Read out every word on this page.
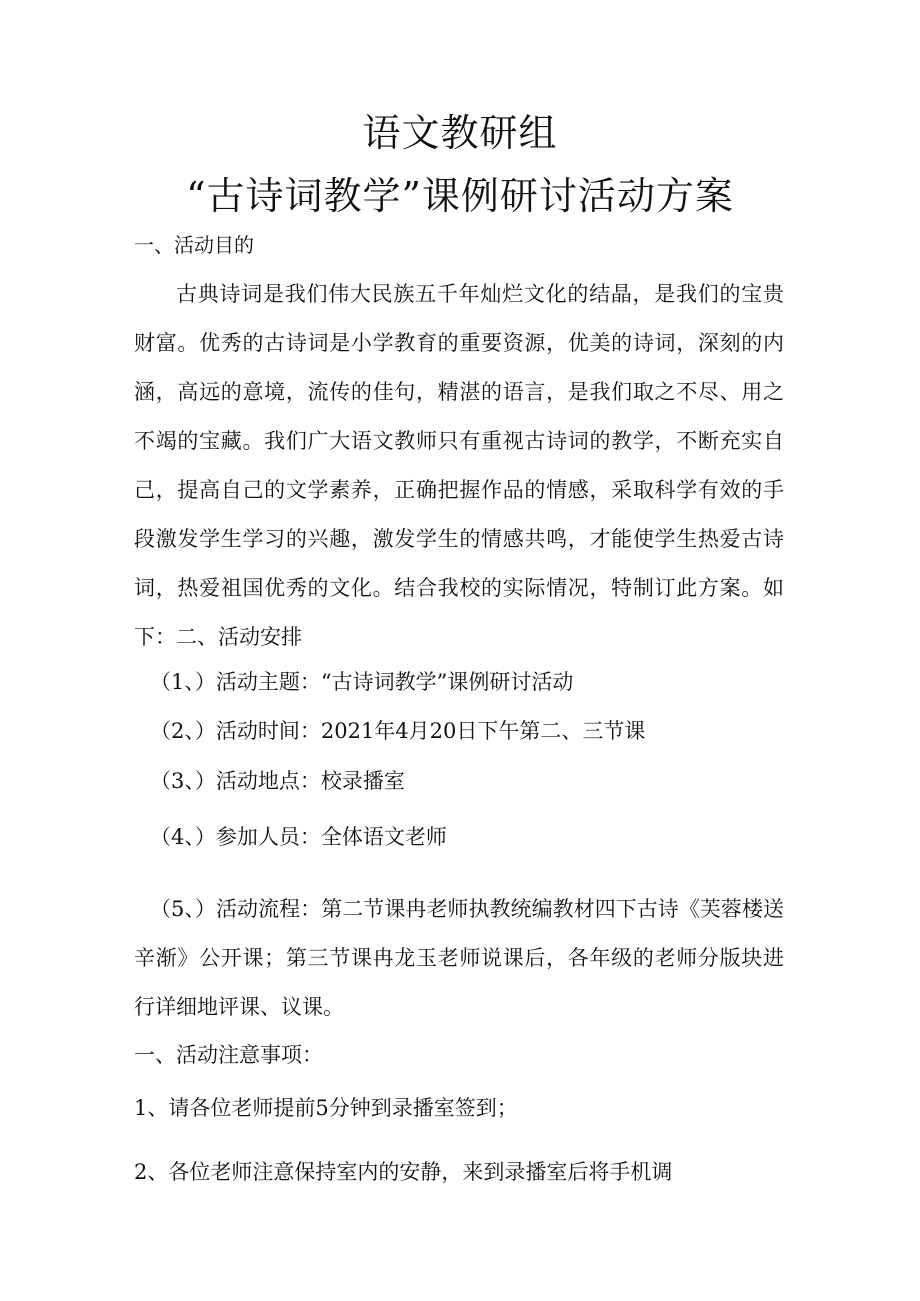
语文教研组
“古诗词教学”课例研讨活动方案
一、活动目的
古典诗词是我们伟大民族五千年灿烂文化的结晶，是我们的宝贵财富。优秀的古诗词是小学教育的重要资源，优美的诗词，深刻的内涵，高远的意境，流传的佳句，精湛的语言，是我们取之不尽、用之不竭的宝藏。我们广大语文教师只有重视古诗词的教学，不断充实自己，提高自己的文学素养，正确把握作品的情感，采取科学有效的手段激发学生学习的兴趣，激发学生的情感共鸣，才能使学生热爱古诗词，热爱祖国优秀的文化。结合我校的实际情况，特制订此方案。如下：二、活动安排
（1、）活动主题：“古诗词教学”课例研讨活动
（2、）活动时间：2021年4月20日下午第二、三节课
（3、）活动地点：校录播室
（4、）参加人员：全体语文老师
（5、）活动流程：第二节课冉老师执教统编教材四下古诗《芙蓉楼送辛渐》公开课；第三节课冉龙玉老师说课后，各年级的老师分版块进行详细地评课、议课。
一、活动注意事项：
1、请各位老师提前5分钟到录播室签到；
2、各位老师注意保持室内的安静，来到录播室后将手机调
